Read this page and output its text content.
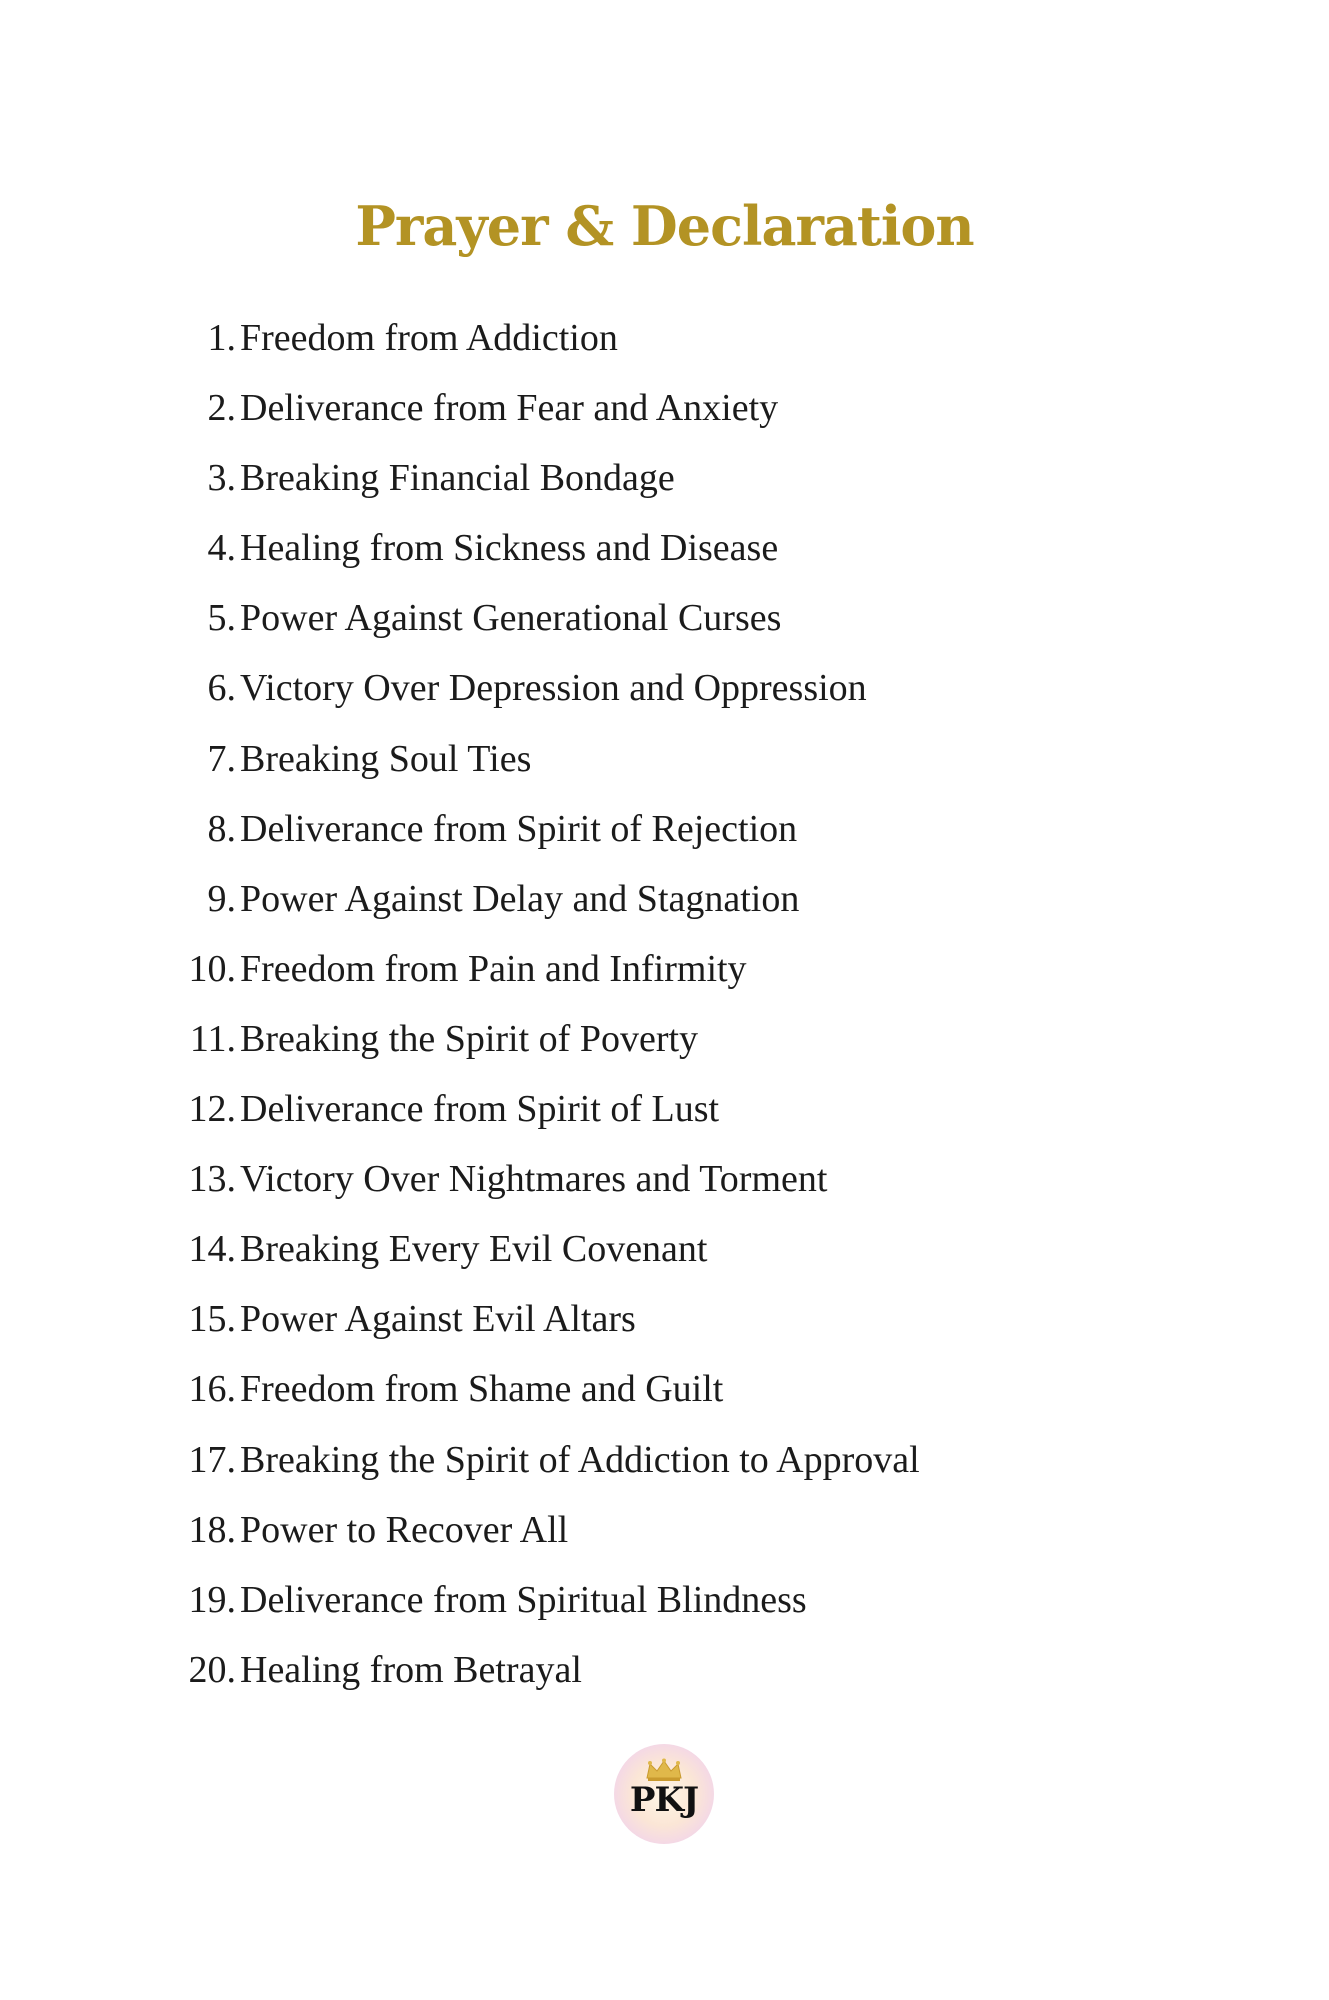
Prayer & Declaration
1. Freedom from Addiction
2. Deliverance from Fear and Anxiety
3. Breaking Financial Bondage
4. Healing from Sickness and Disease
5. Power Against Generational Curses
6. Victory Over Depression and Oppression
7. Breaking Soul Ties
8. Deliverance from Spirit of Rejection
9. Power Against Delay and Stagnation
10. Freedom from Pain and Infirmity
11. Breaking the Spirit of Poverty
12. Deliverance from Spirit of Lust
13. Victory Over Nightmares and Torment
14. Breaking Every Evil Covenant
15. Power Against Evil Altars
16. Freedom from Shame and Guilt
17. Breaking the Spirit of Addiction to Approval
18. Power to Recover All
19. Deliverance from Spiritual Blindness
20. Healing from Betrayal
PKJ
